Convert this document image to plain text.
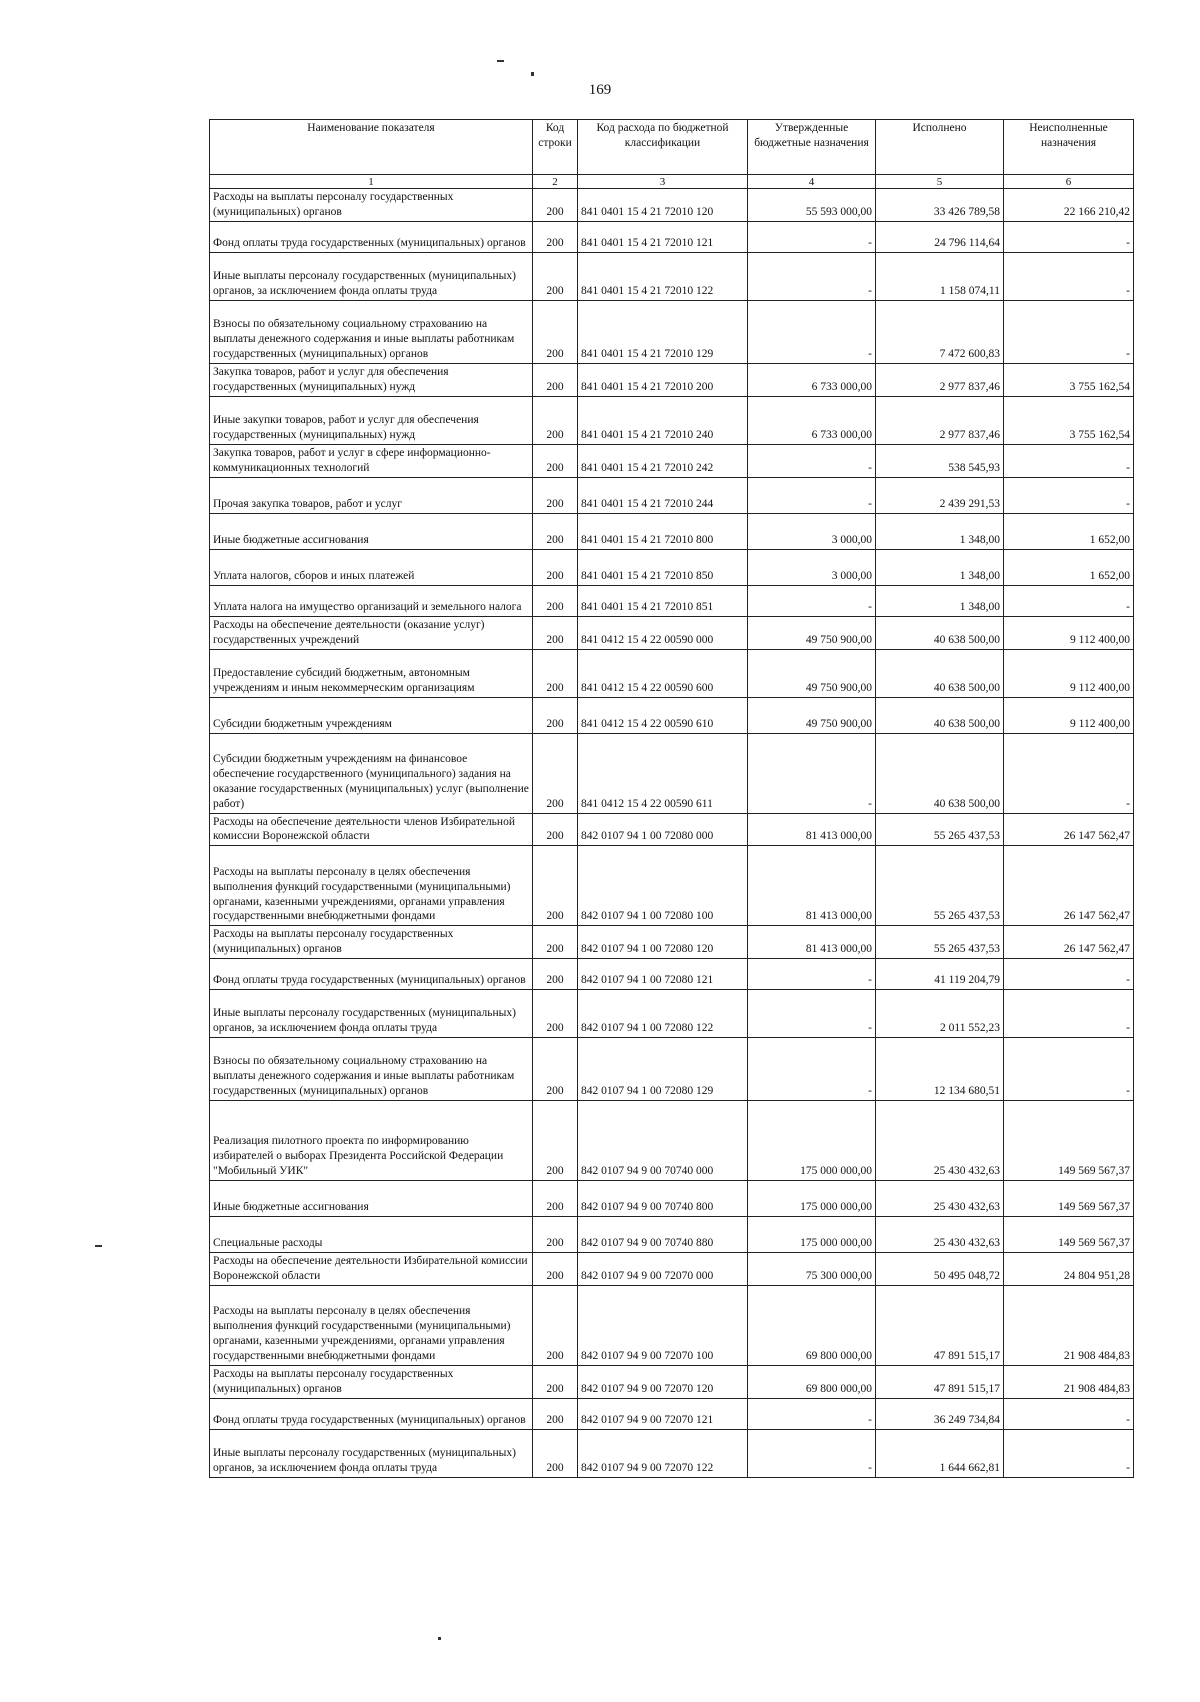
169
Наименование показателя	Код строки	Код расхода по бюджетной классификации	Утвержденные бюджетные назначения	Исполнено	Неисполненные назначения
1	2	3	4	5	6
Расходы на выплаты персоналу государственных (муниципальных) органов	200	841 0401 15 4 21 72010 120	55 593 000,00	33 426 789,58	22 166 210,42
Фонд оплаты труда государственных (муниципальных) органов	200	841 0401 15 4 21 72010 121	-	24 796 114,64	-
Иные выплаты персоналу государственных (муниципальных) органов, за исключением фонда оплаты труда	200	841 0401 15 4 21 72010 122	-	1 158 074,11	-
Взносы по обязательному социальному страхованию на выплаты денежного содержания и иные выплаты работникам государственных (муниципальных) органов	200	841 0401 15 4 21 72010 129	-	7 472 600,83	-
Закупка товаров, работ и услуг для обеспечения государственных (муниципальных) нужд	200	841 0401 15 4 21 72010 200	6 733 000,00	2 977 837,46	3 755 162,54
Иные закупки товаров, работ и услуг для обеспечения государственных (муниципальных) нужд	200	841 0401 15 4 21 72010 240	6 733 000,00	2 977 837,46	3 755 162,54
Закупка товаров, работ и услуг в сфере информационно-коммуникационных технологий	200	841 0401 15 4 21 72010 242	-	538 545,93	-
Прочая закупка товаров, работ и услуг	200	841 0401 15 4 21 72010 244	-	2 439 291,53	-
Иные бюджетные ассигнования	200	841 0401 15 4 21 72010 800	3 000,00	1 348,00	1 652,00
Уплата налогов, сборов и иных платежей	200	841 0401 15 4 21 72010 850	3 000,00	1 348,00	1 652,00
Уплата налога на имущество организаций и земельного налога	200	841 0401 15 4 21 72010 851	-	1 348,00	-
Расходы на обеспечение деятельности (оказание услуг) государственных учреждений	200	841 0412 15 4 22 00590 000	49 750 900,00	40 638 500,00	9 112 400,00
Предоставление субсидий бюджетным, автономным учреждениям и иным некоммерческим организациям	200	841 0412 15 4 22 00590 600	49 750 900,00	40 638 500,00	9 112 400,00
Субсидии бюджетным учреждениям	200	841 0412 15 4 22 00590 610	49 750 900,00	40 638 500,00	9 112 400,00
Субсидии бюджетным учреждениям на финансовое обеспечение государственного (муниципального) задания на оказание государственных (муниципальных) услуг (выполнение работ)	200	841 0412 15 4 22 00590 611	-	40 638 500,00	-
Расходы на обеспечение деятельности членов Избирательной комиссии Воронежской области	200	842 0107 94 1 00 72080 000	81 413 000,00	55 265 437,53	26 147 562,47
Расходы на выплаты персоналу в целях обеспечения выполнения функций государственными (муниципальными) органами, казенными учреждениями, органами управления государственными внебюджетными фондами	200	842 0107 94 1 00 72080 100	81 413 000,00	55 265 437,53	26 147 562,47
Расходы на выплаты персоналу государственных (муниципальных) органов	200	842 0107 94 1 00 72080 120	81 413 000,00	55 265 437,53	26 147 562,47
Фонд оплаты труда государственных (муниципальных) органов	200	842 0107 94 1 00 72080 121	-	41 119 204,79	-
Иные выплаты персоналу государственных (муниципальных) органов, за исключением фонда оплаты труда	200	842 0107 94 1 00 72080 122	-	2 011 552,23	-
Взносы по обязательному социальному страхованию на выплаты денежного содержания и иные выплаты работникам государственных (муниципальных) органов	200	842 0107 94 1 00 72080 129	-	12 134 680,51	-
Реализация пилотного проекта по информированию избирателей о выборах Президента Российской Федерации "Мобильный УИК"	200	842 0107 94 9 00 70740 000	175 000 000,00	25 430 432,63	149 569 567,37
Иные бюджетные ассигнования	200	842 0107 94 9 00 70740 800	175 000 000,00	25 430 432,63	149 569 567,37
Специальные расходы	200	842 0107 94 9 00 70740 880	175 000 000,00	25 430 432,63	149 569 567,37
Расходы на обеспечение деятельности Избирательной комиссии Воронежской области	200	842 0107 94 9 00 72070 000	75 300 000,00	50 495 048,72	24 804 951,28
Расходы на выплаты персоналу в целях обеспечения выполнения функций государственными (муниципальными) органами, казенными учреждениями, органами управления государственными внебюджетными фондами	200	842 0107 94 9 00 72070 100	69 800 000,00	47 891 515,17	21 908 484,83
Расходы на выплаты персоналу государственных (муниципальных) органов	200	842 0107 94 9 00 72070 120	69 800 000,00	47 891 515,17	21 908 484,83
Фонд оплаты труда государственных (муниципальных) органов	200	842 0107 94 9 00 72070 121	-	36 249 734,84	-
Иные выплаты персоналу государственных (муниципальных) органов, за исключением фонда оплаты труда	200	842 0107 94 9 00 72070 122	-	1 644 662,81	-
